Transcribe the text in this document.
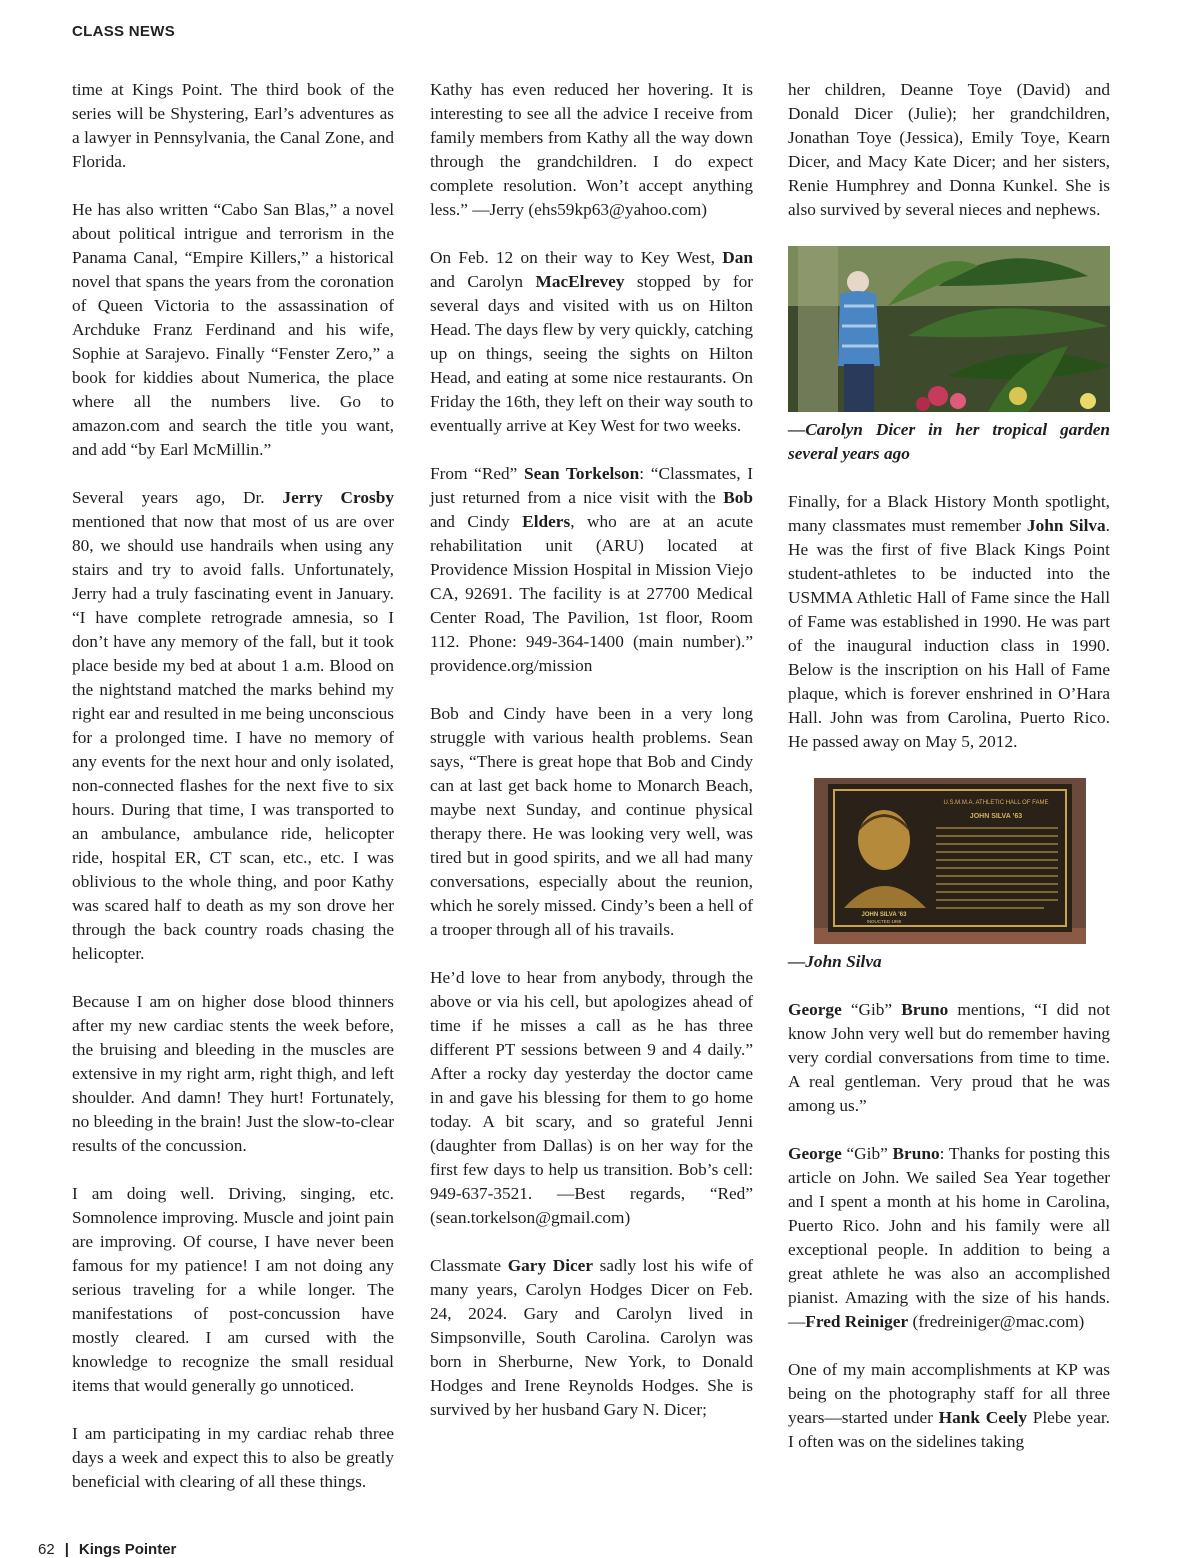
CLASS NEWS

time at Kings Point. The third book of the series will be Shystering, Earl’s adventures as a lawyer in Pennsylvania, the Canal Zone, and Florida.

He has also written “Cabo San Blas,” a novel about political intrigue and terrorism in the Panama Canal, “Empire Killers,” a historical novel that spans the years from the coronation of Queen Victoria to the assassination of Archduke Franz Ferdinand and his wife, Sophie at Sarajevo. Finally “Fenster Zero,” a book for kiddies about Numerica, the place where all the numbers live. Go to amazon.com and search the title you want, and add “by Earl McMillin.”

Several years ago, Dr. Jerry Crosby mentioned that now that most of us are over 80, we should use handrails when using any stairs and try to avoid falls. Unfortunately, Jerry had a truly fascinating event in January. “I have complete retrograde amnesia, so I don’t have any memory of the fall, but it took place beside my bed at about 1 a.m. Blood on the nightstand matched the marks behind my right ear and resulted in me being unconscious for a prolonged time. I have no memory of any events for the next hour and only isolated, non-connected flashes for the next five to six hours. During that time, I was transported to an ambulance, ambulance ride, helicopter ride, hospital ER, CT scan, etc., etc. I was oblivious to the whole thing, and poor Kathy was scared half to death as my son drove her through the back country roads chasing the helicopter.

Because I am on higher dose blood thinners after my new cardiac stents the week before, the bruising and bleeding in the muscles are extensive in my right arm, right thigh, and left shoulder. And damn! They hurt! Fortunately, no bleeding in the brain! Just the slow-to-clear results of the concussion.

I am doing well. Driving, singing, etc. Somnolence improving. Muscle and joint pain are improving. Of course, I have never been famous for my patience! I am not doing any serious traveling for a while longer. The manifestations of post-concussion have mostly cleared. I am cursed with the knowledge to recognize the small residual items that would generally go unnoticed.

I am participating in my cardiac rehab three days a week and expect this to also be greatly beneficial with clearing of all these things.

Kathy has even reduced her hovering. It is interesting to see all the advice I receive from family members from Kathy all the way down through the grandchildren. I do expect complete resolution. Won’t accept anything less.” —Jerry (ehs59kp63@yahoo.com)

On Feb. 12 on their way to Key West, Dan and Carolyn MacElrevey stopped by for several days and visited with us on Hilton Head. The days flew by very quickly, catching up on things, seeing the sights on Hilton Head, and eating at some nice restaurants. On Friday the 16th, they left on their way south to eventually arrive at Key West for two weeks.

From “Red” Sean Torkelson: “Classmates, I just returned from a nice visit with the Bob and Cindy Elders, who are at an acute rehabilitation unit (ARU) located at Providence Mission Hospital in Mission Viejo CA, 92691. The facility is at 27700 Medical Center Road, The Pavilion, 1st floor, Room 112. Phone: 949-364-1400 (main number).” providence.org/mission

Bob and Cindy have been in a very long struggle with various health problems. Sean says, “There is great hope that Bob and Cindy can at last get back home to Monarch Beach, maybe next Sunday, and continue physical therapy there. He was looking very well, was tired but in good spirits, and we all had many conversations, especially about the reunion, which he sorely missed. Cindy’s been a hell of a trooper through all of his travails.

He’d love to hear from anybody, through the above or via his cell, but apologizes ahead of time if he misses a call as he has three different PT sessions between 9 and 4 daily.” After a rocky day yesterday the doctor came in and gave his blessing for them to go home today. A bit scary, and so grateful Jenni (daughter from Dallas) is on her way for the first few days to help us transition. Bob’s cell: 949-637-3521. —Best regards, “Red” (sean.torkelson@gmail.com)

Classmate Gary Dicer sadly lost his wife of many years, Carolyn Hodges Dicer on Feb. 24, 2024. Gary and Carolyn lived in Simpsonville, South Carolina. Carolyn was born in Sherburne, New York, to Donald Hodges and Irene Reynolds Hodges. She is survived by her husband Gary N. Dicer;

her children, Deanne Toye (David) and Donald Dicer (Julie); her grandchildren, Jonathan Toye (Jessica), Emily Toye, Kearn Dicer, and Macy Kate Dicer; and her sisters, Renie Humphrey and Donna Kunkel. She is also survived by several nieces and nephews.

—Carolyn Dicer in her tropical garden several years ago

Finally, for a Black History Month spotlight, many classmates must remember John Silva. He was the first of five Black Kings Point student-athletes to be inducted into the USMMA Athletic Hall of Fame since the Hall of Fame was established in 1990. He was part of the inaugural induction class in 1990. Below is the inscription on his Hall of Fame plaque, which is forever enshrined in O’Hara Hall. John was from Carolina, Puerto Rico. He passed away on May 5, 2012.

U.S.M.M.A. ATHLETIC HALL OF FAME
JOHN SILVA ’63
JOHN SILVA ’63
INDUCTED 1990

—John Silva

George “Gib” Bruno mentions, “I did not know John very well but do remember having very cordial conversations from time to time. A real gentleman. Very proud that he was among us.”

George “Gib” Bruno: Thanks for posting this article on John. We sailed Sea Year together and I spent a month at his home in Carolina, Puerto Rico. John and his family were all exceptional people. In addition to being a great athlete he was also an accomplished pianist. Amazing with the size of his hands. —Fred Reiniger (fredreiniger@mac.com)

One of my main accomplishments at KP was being on the photography staff for all three years—started under Hank Ceely Plebe year. I often was on the sidelines taking

62 | Kings Pointer
